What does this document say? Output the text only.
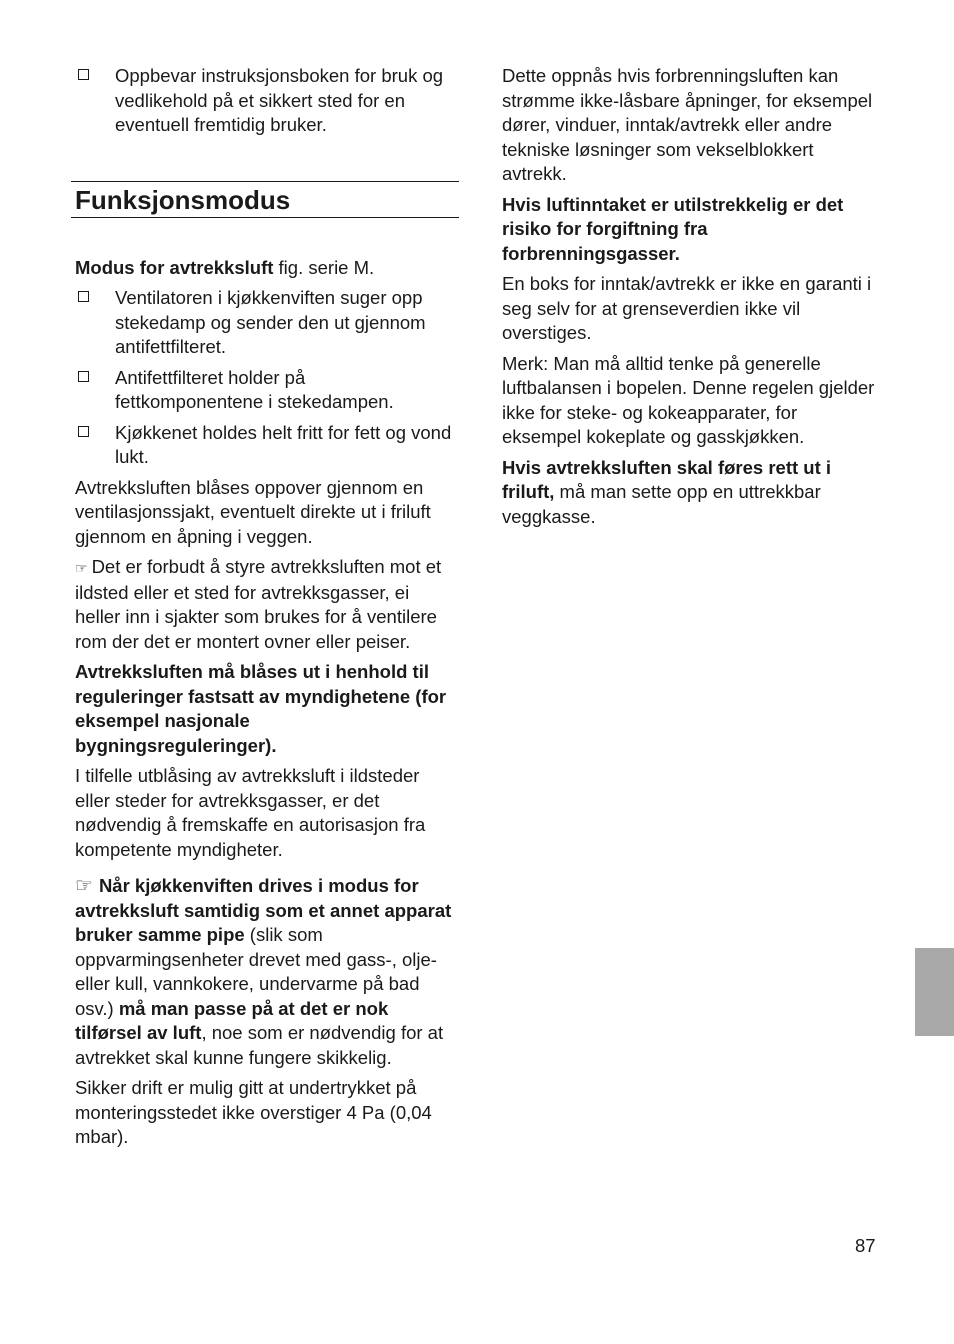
Oppbevar instruksjonsboken for bruk og vedlikehold på et sikkert sted for en eventuell fremtidig bruker.
Funksjonsmodus

Modus for avtrekksluft fig. serie M.

Ventilatoren i kjøkkenviften suger opp stekedamp og sender den ut gjennom antifettfilteret.
Antifettfilteret holder på fettkomponentene i stekedampen.
Kjøkkenet holdes helt fritt for fett og vond lukt.

Avtrekksluften blåses oppover gjennom en ventilasjonssjakt, eventuelt direkte ut i friluft gjennom en åpning i veggen.

☞ Det er forbudt å styre avtrekksluften mot et ildsted eller et sted for avtrekksgasser, ei heller inn i sjakter som brukes for å ventilere rom der det er montert ovner eller peiser.

Avtrekksluften må blåses ut i henhold til reguleringer fastsatt av myndighetene (for eksempel nasjonale bygningsreguleringer).

I tilfelle utblåsing av avtrekksluft i ildsteder eller steder for avtrekksgasser, er det nødvendig å fremskaffe en autorisasjon fra kompetente myndigheter.

☞ Når kjøkkenviften drives i modus for avtrekksluft samtidig som et annet apparat bruker samme pipe (slik som oppvarmingsenheter drevet med gass-, olje- eller kull, vannkokere, undervarme på bad osv.) må man passe på at det er nok tilførsel av luft, noe som er nødvendig for at avtrekket skal kunne fungere skikkelig.

Sikker drift er mulig gitt at undertrykket på monteringsstedet ikke overstiger 4 Pa (0,04 mbar).

Dette oppnås hvis forbrenningsluften kan strømme ikke-låsbare åpninger, for eksempel dører, vinduer, inntak/avtrekk eller andre tekniske løsninger som vekselblokkert avtrekk.

Hvis luftinntaket er utilstrekkelig er det risiko for forgiftning fra forbrenningsgasser.

En boks for inntak/avtrekk er ikke en garanti i seg selv for at grenseverdien ikke vil overstiges.

Merk: Man må alltid tenke på generelle luftbalansen i bopelen. Denne regelen gjelder ikke for steke- og kokeapparater, for eksempel kokeplate og gasskjøkken.

Hvis avtrekksluften skal føres rett ut i friluft, må man sette opp en uttrekkbar veggkasse.

87
